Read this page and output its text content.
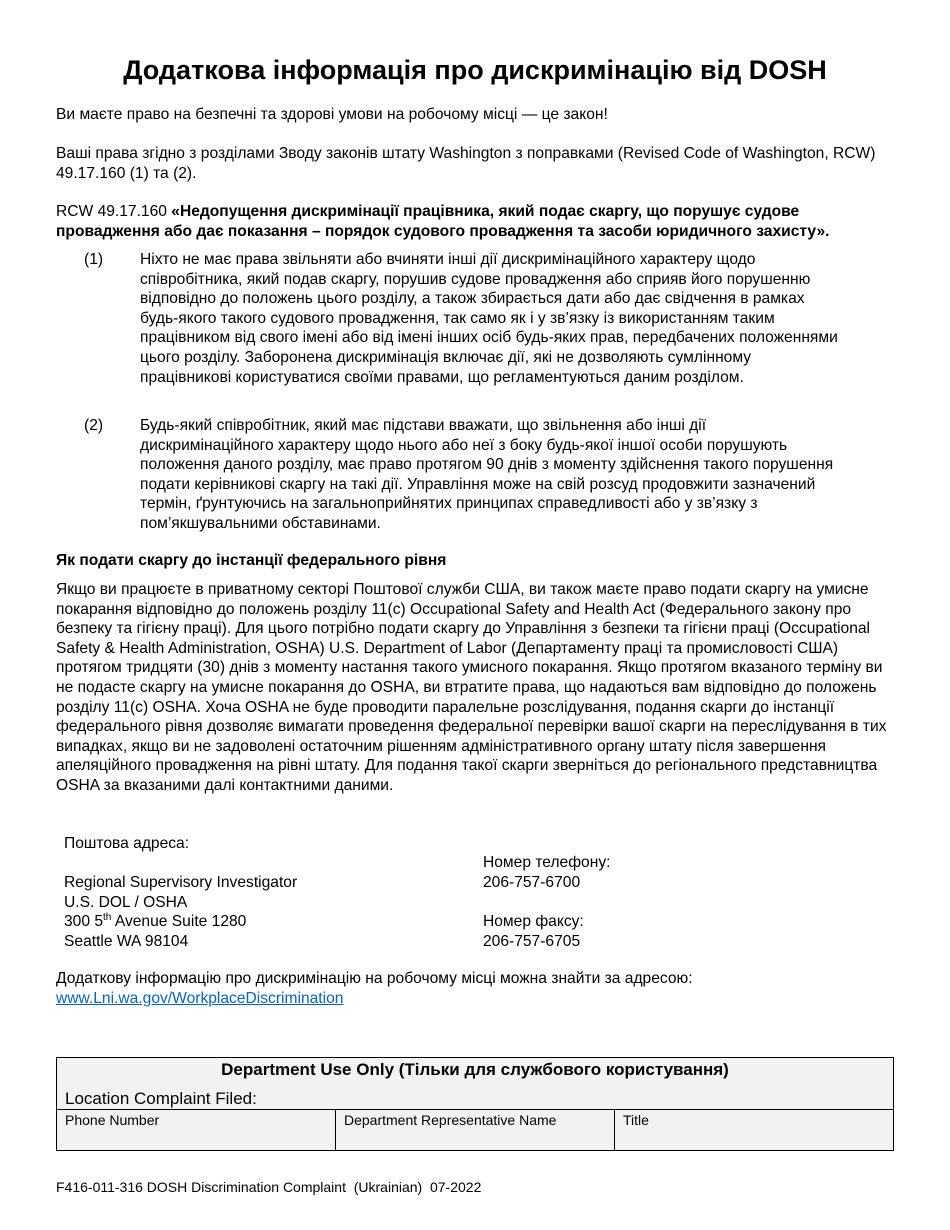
Додаткова інформація про дискримінацію від DOSH

Ви маєте право на безпечні та здорові умови на робочому місці — це закон!

Ваші права згідно з розділами Зводу законів штату Washington з поправками (Revised Code of Washington, RCW) 49.17.160 (1) та (2).

RCW 49.17.160 «Недопущення дискримінації працівника, який подає скаргу, що порушує судове провадження або дає показання – порядок судового провадження та засоби юридичного захисту».

(1) Ніхто не має права звільняти або вчиняти інші дії дискримінаційного характеру щодо співробітника, який подав скаргу, порушив судове провадження або сприяв його порушенню відповідно до положень цього розділу, а також збирається дати або дає свідчення в рамках будь-якого такого судового провадження, так само як і у зв’язку із використанням таким працівником від свого імені або від імені інших осіб будь-яких прав, передбачених положеннями цього розділу. Заборонена дискримінація включає дії, які не дозволяють сумлінному працівникові користуватися своїми правами, що регламентуються даним розділом.
(2) Будь-який співробітник, який має підстави вважати, що звільнення або інші дії дискримінаційного характеру щодо нього або неї з боку будь-якої іншої особи порушують положення даного розділу, має право протягом 90 днів з моменту здійснення такого порушення подати керівникові скаргу на такі дії. Управління може на свій розсуд продовжити зазначений термін, ґрунтуючись на загальноприйнятих принципах справедливості або у зв’язку з пом’якшувальними обставинами.
Як подати скаргу до інстанції федерального рівня

Якщо ви працюєте в приватному секторі Поштової служби США, ви також маєте право подати скаргу на умисне покарання відповідно до положень розділу 11(c) Occupational Safety and Health Act (Федерального закону про безпеку та гігієну праці). Для цього потрібно подати скаргу до Управління з безпеки та гігієни праці (Occupational Safety & Health Administration, OSHA) U.S. Department of Labor (Департаменту праці та промисловості США) протягом тридцяти (30) днів з моменту настання такого умисного покарання. Якщо протягом вказаного терміну ви не подасте скаргу на умисне покарання до OSHA, ви втратите права, що надаються вам відповідно до положень розділу 11(c) OSHA. Хоча OSHA не буде проводити паралельне розслідування, подання скарги до інстанції федерального рівня дозволяє вимагати проведення федеральної перевірки вашої скарги на переслідування в тих випадках, якщо ви не задоволені остаточним рішенням адміністративного органу штату після завершення апеляційного провадження на рівні штату. Для подання такої скарги зверніться до регіонального представництва OSHA за вказаними далі контактними даними.

Поштова адреса:
Regional Supervisory Investigator
U.S. DOL / OSHA
300 5th Avenue Suite 1280
Seattle WA 98104
Номер телефону:
206-757-6700
Номер факсу:
206-757-6705

Додаткову інформацію про дискримінацію на робочому місці можна знайти за адресою:
www.Lni.wa.gov/WorkplaceDiscrimination

Department Use Only (Тільки для службового користування)
Location Complaint Filed:
Phone Number	Department Representative Name	Title
F416-011-316 DOSH Discrimination Complaint  (Ukrainian)  07-2022
